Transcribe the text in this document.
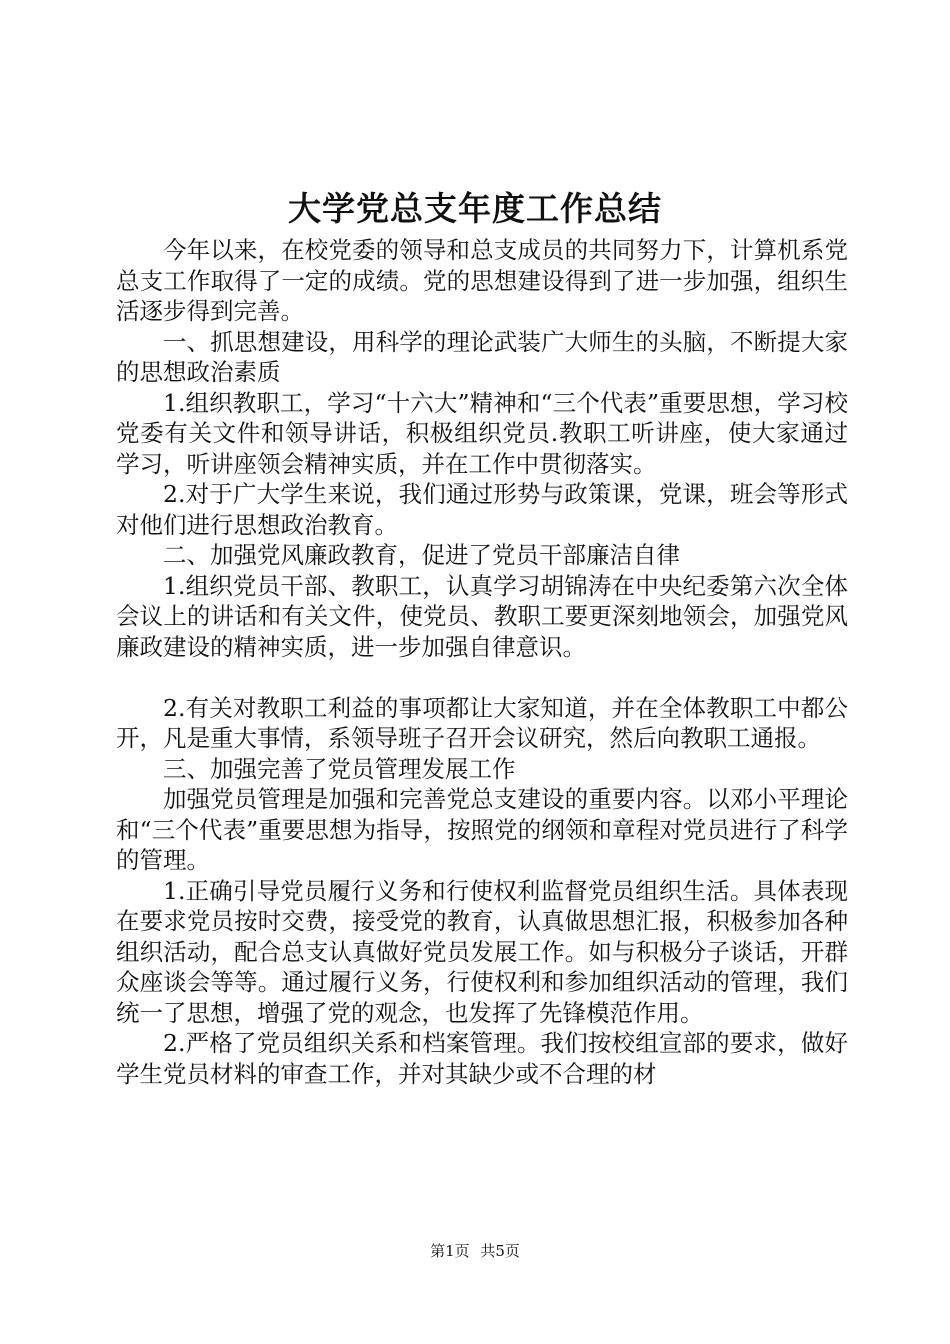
大学党总支年度工作总结

今年以来，在校党委的领导和总支成员的共同努力下，计算机系党总支工作取得了一定的成绩。党的思想建设得到了进一步加强，组织生活逐步得到完善。

一、抓思想建设，用科学的理论武装广大师生的头脑，不断提大家的思想政治素质

1.组织教职工，学习“十六大”精神和“三个代表”重要思想，学习校党委有关文件和领导讲话，积极组织党员.教职工听讲座，使大家通过学习，听讲座领会精神实质，并在工作中贯彻落实。

2.对于广大学生来说，我们通过形势与政策课，党课，班会等形式对他们进行思想政治教育。

二、加强党风廉政教育，促进了党员干部廉洁自律

1.组织党员干部、教职工，认真学习胡锦涛在中央纪委第六次全体会议上的讲话和有关文件，使党员、教职工要更深刻地领会，加强党风廉政建设的精神实质，进一步加强自律意识。

2.有关对教职工利益的事项都让大家知道，并在全体教职工中都公开，凡是重大事情，系领导班子召开会议研究，然后向教职工通报。

三、加强完善了党员管理发展工作

加强党员管理是加强和完善党总支建设的重要内容。以邓小平理论和“三个代表”重要思想为指导，按照党的纲领和章程对党员进行了科学的管理。

1.正确引导党员履行义务和行使权利监督党员组织生活。具体表现在要求党员按时交费，接受党的教育，认真做思想汇报，积极参加各种组织活动，配合总支认真做好党员发展工作。如与积极分子谈话，开群众座谈会等等。通过履行义务，行使权利和参加组织活动的管理，我们统一了思想，增强了党的观念，也发挥了先锋模范作用。

2.严格了党员组织关系和档案管理。我们按校组宣部的要求，做好学生党员材料的审查工作，并对其缺少或不合理的材

第1页 共5页
